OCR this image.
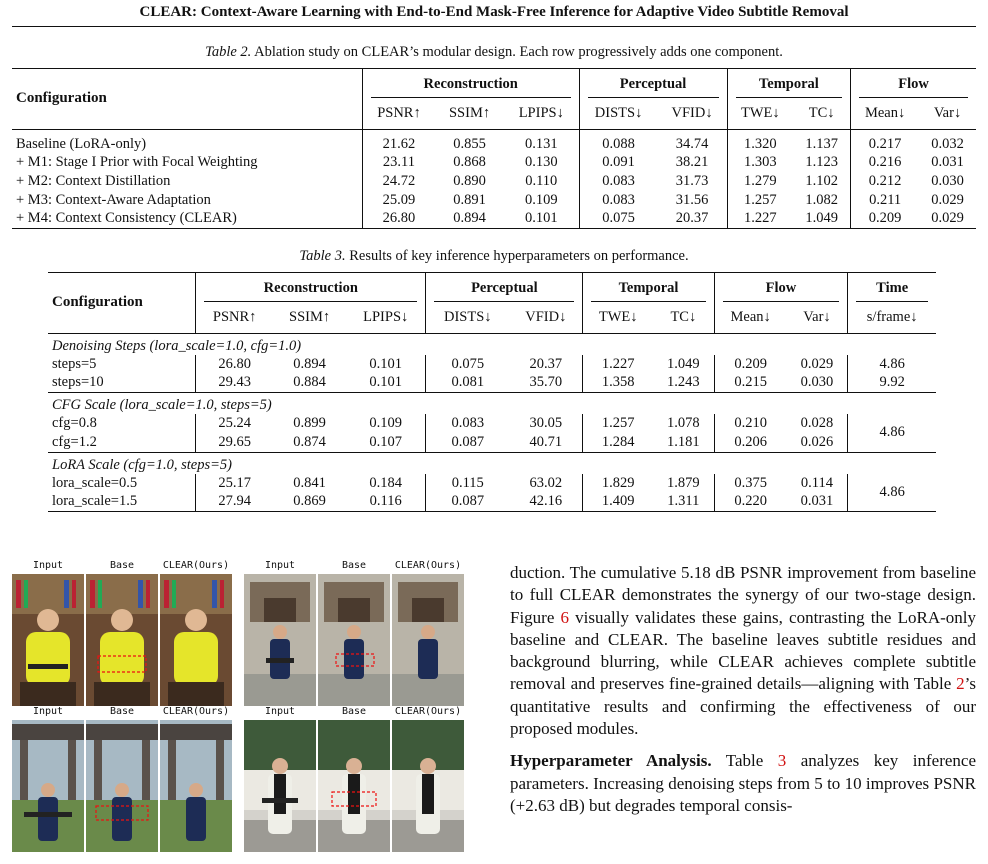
CLEAR: Context-Aware Learning with End-to-End Mask-Free Inference for Adaptive Video Subtitle Removal
Table 2. Ablation study on CLEAR’s modular design. Each row progressively adds one component.
Configuration	Reconstruction			Perceptual		Temporal		Flow	
	PSNR↑	SSIM↑	LPIPS↓	DISTS↓	VFID↓	TWE↓	TC↓	Mean↓	Var↓
Baseline (LoRA-only)	21.62	0.855	0.131	0.088	34.74	1.320	1.137	0.217	0.032
+ M1: Stage I Prior with Focal Weighting	23.11	0.868	0.130	0.091	38.21	1.303	1.123	0.216	0.031
+ M2: Context Distillation	24.72	0.890	0.110	0.083	31.73	1.279	1.102	0.212	0.030
+ M3: Context-Aware Adaptation	25.09	0.891	0.109	0.083	31.56	1.257	1.082	0.211	0.029
+ M4: Context Consistency (CLEAR)	26.80	0.894	0.101	0.075	20.37	1.227	1.049	0.209	0.029
Table 3. Results of key inference hyperparameters on performance.
Configuration	Reconstruction			Perceptual		Temporal		Flow		Time
	PSNR↑	SSIM↑	LPIPS↓	DISTS↓	VFID↓	TWE↓	TC↓	Mean↓	Var↓	s/frame↓
Denoising Steps (lora_scale=1.0, cfg=1.0)										
steps=5	26.80	0.894	0.101	0.075	20.37	1.227	1.049	0.209	0.029	4.86
steps=10	29.43	0.884	0.101	0.081	35.70	1.358	1.243	0.215	0.030	9.92
CFG Scale (lora_scale=1.0, steps=5)										
cfg=0.8	25.24	0.899	0.109	0.083	30.05	1.257	1.078	0.210	0.028	4.86
cfg=1.2	29.65	0.874	0.107	0.087	40.71	1.284	1.181	0.206	0.026	
LoRA Scale (cfg=1.0, steps=5)										
lora_scale=0.5	25.17	0.841	0.184	0.115	63.02	1.829	1.879	0.375	0.114	4.86
lora_scale=1.5	27.94	0.869	0.116	0.087	42.16	1.409	1.311	0.220	0.031	
Input	Base	CLEAR(Ours)	Input	Base	CLEAR(Ours)
Input	Base	CLEAR(Ours)	Input	Base	CLEAR(Ours)

duction. The cumulative 5.18 dB PSNR improvement from baseline to full CLEAR demonstrates the synergy of our two-stage design. Figure 6 visually validates these gains, contrasting the LoRA-only baseline and CLEAR. The baseline leaves subtitle residues and background blurring, while CLEAR achieves complete subtitle removal and preserves fine-grained details—aligning with Table 2’s quantitative results and confirming the effectiveness of our proposed modules.

Hyperparameter Analysis. Table 3 analyzes key inference parameters. Increasing denoising steps from 5 to 10 improves PSNR (+2.63 dB) but degrades temporal consis-
